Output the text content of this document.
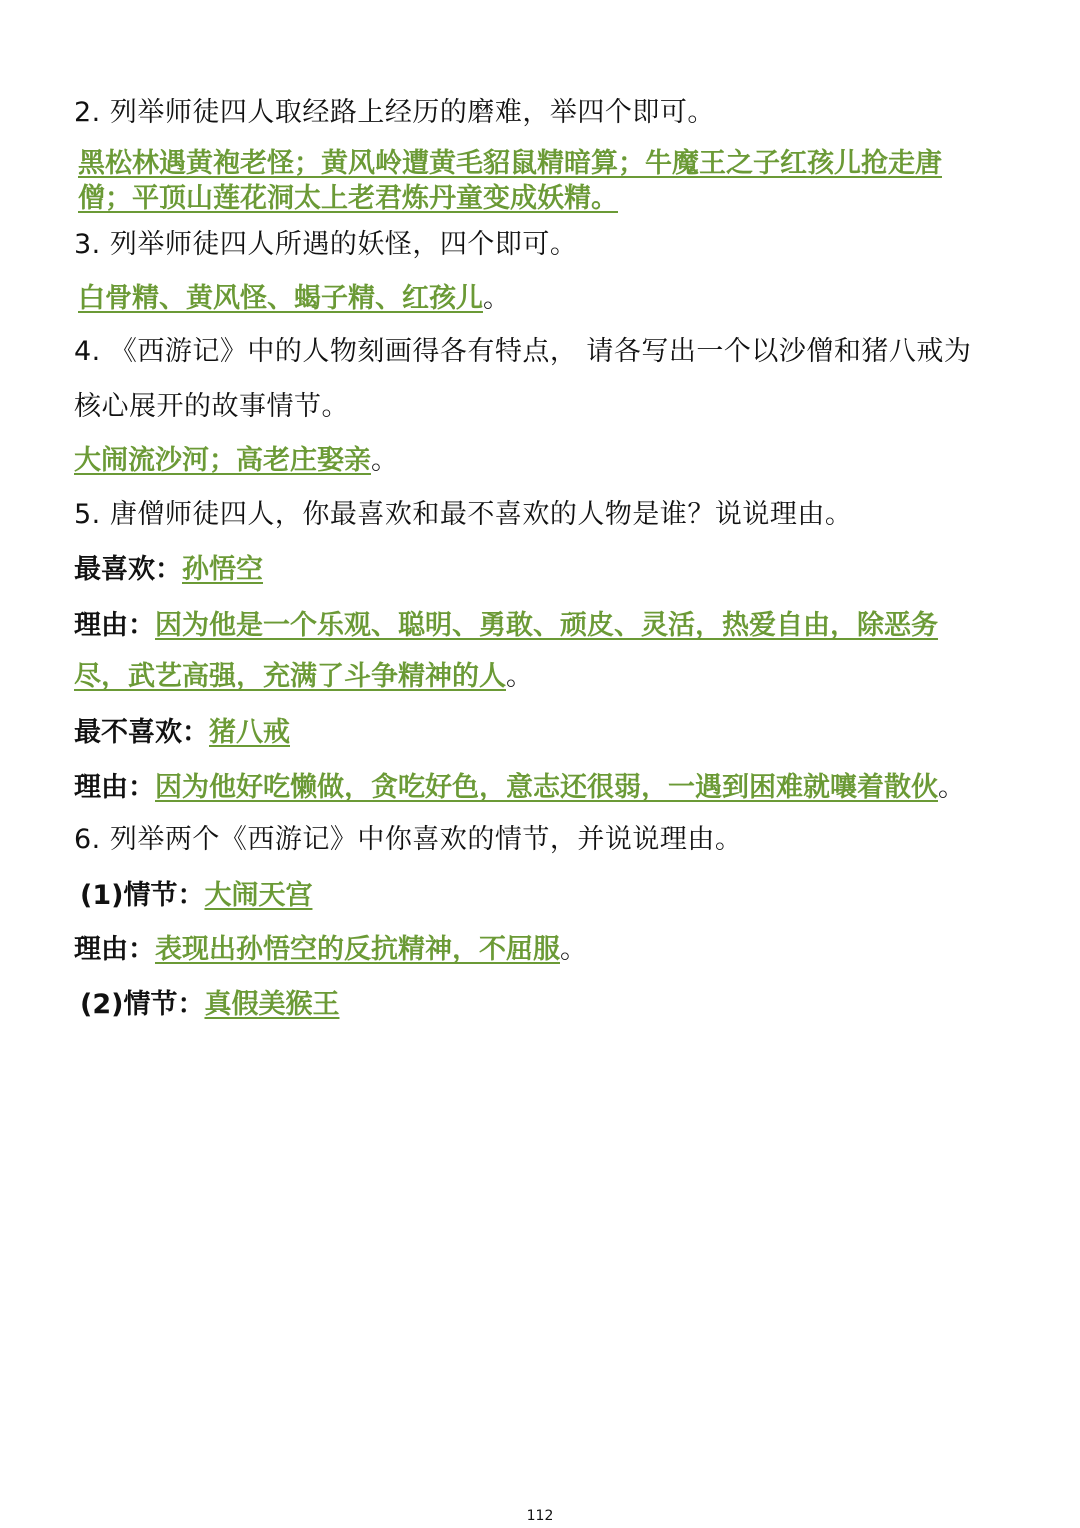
2. 列举师徒四人取经路上经历的磨难，举四个即可。
黑松林遇黄袍老怪；黄风岭遭黄毛貂鼠精暗算；牛魔王之子红孩儿抢走唐
僧；平顶山莲花洞太上老君炼丹童变成妖精。
3. 列举师徒四人所遇的妖怪，四个即可。
白骨精、黄风怪、蝎子精、红孩儿。
4. 《西游记》中的人物刻画得各有特点， 请各写出一个以沙僧和猪八戒为
核心展开的故事情节。
大闹流沙河；高老庄娶亲。
5. 唐僧师徒四人，你最喜欢和最不喜欢的人物是谁？说说理由。
最喜欢：孙悟空
理由：因为他是一个乐观、聪明、勇敢、顽皮、灵活，热爱自由，除恶务
尽，武艺高强，充满了斗争精神的人。
最不喜欢：猪八戒
理由：因为他好吃懒做，贪吃好色，意志还很弱，一遇到困难就嚷着散伙。
6. 列举两个《西游记》中你喜欢的情节，并说说理由。
(1)情节：大闹天宫
理由：表现出孙悟空的反抗精神，不屈服。
(2)情节：真假美猴王
112
